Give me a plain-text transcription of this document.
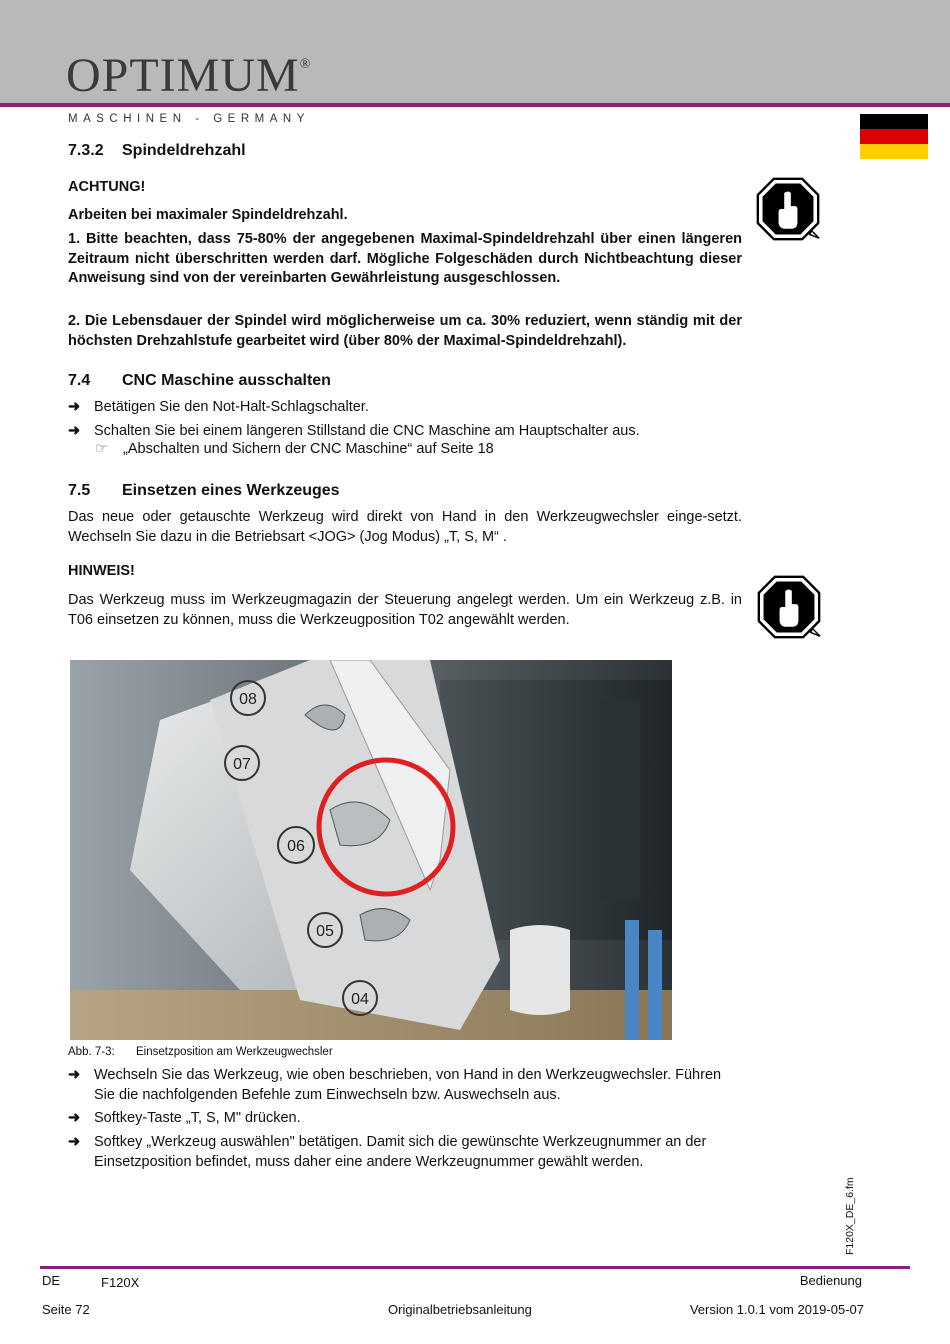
OPTIMUM®
MASCHINEN - GERMANY
7.3.2 Spindeldrehzahl
ACHTUNG!
Arbeiten bei maximaler Spindeldrehzahl.
1. Bitte beachten, dass 75-80% der angegebenen Maximal-Spindeldrehzahl über einen längeren Zeitraum nicht überschritten werden darf. Mögliche Folgeschäden durch Nichtbeachtung dieser Anweisung sind von der vereinbarten Gewährleistung ausgeschlossen.
2. Die Lebensdauer der Spindel wird möglicherweise um ca. 30% reduziert, wenn ständig mit der höchsten Drehzahlstufe gearbeitet wird (über 80% der Maximal-Spindeldrehzahl).
7.4 CNC Maschine ausschalten
➜ Betätigen Sie den Not-Halt-Schlagschalter.
➜ Schalten Sie bei einem längeren Stillstand die CNC Maschine am Hauptschalter aus.
☞ „Abschalten und Sichern der CNC Maschine“ auf Seite 18
7.5 Einsetzen eines Werkzeuges
Das neue oder getauschte Werkzeug wird direkt von Hand in den Werkzeugwechsler einge-setzt. Wechseln Sie dazu in die Betriebsart <JOG> (Jog Modus) „T, S, M“ .
HINWEIS!
Das Werkzeug muss im Werkzeugmagazin der Steuerung angelegt werden. Um ein Werkzeug z.B. in T06 einsetzen zu können, muss die Werkzeugposition T02 angewählt werden.
08
07
06
05
04
Abb. 7-3: Einsetzposition am Werkzeugwechsler
➜ Wechseln Sie das Werkzeug, wie oben beschrieben, von Hand in den Werkzeugwechsler. Führen Sie die nachfolgenden Befehle zum Einwechseln bzw. Auswechseln aus.
➜ Softkey-Taste „T, S, M" drücken.
➜ Softkey „Werkzeug auswählen" betätigen. Damit sich die gewünschte Werkzeugnummer an der Einsetzposition befindet, muss daher eine andere Werkzeugnummer gewählt werden.
F120X_DE_6.fm
DE	F120X	Bedienung
Seite 72	Originalbetriebsanleitung	Version 1.0.1 vom 2019-05-07
